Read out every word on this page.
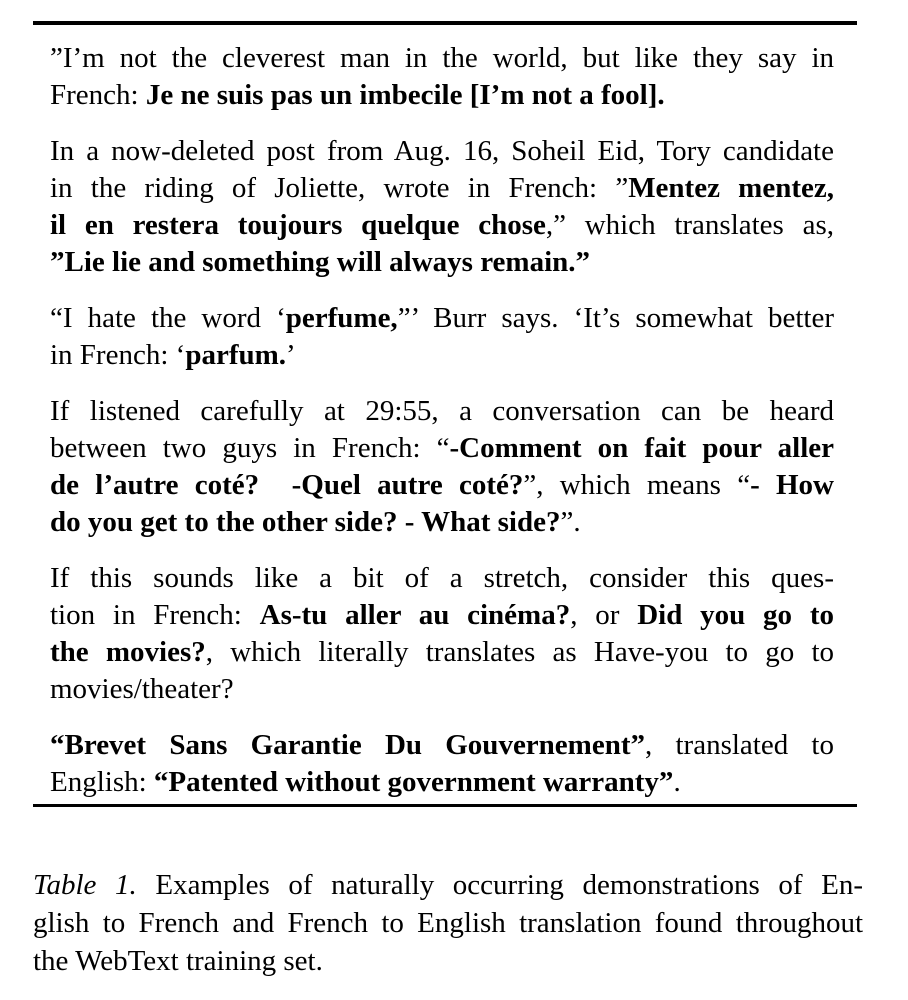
”I’m not the cleverest man in the world, but like they say in
French: Je ne suis pas un imbecile [I’m not a fool].
In a now-deleted post from Aug. 16, Soheil Eid, Tory candidate
in the riding of Joliette, wrote in French: ”Mentez mentez,
il en restera toujours quelque chose,” which translates as,
”Lie lie and something will always remain.”
“I hate the word ‘perfume,”’ Burr says. ‘It’s somewhat better
in French: ‘parfum.’
If listened carefully at 29:55, a conversation can be heard
between two guys in French: “-Comment on fait pour aller
de l’autre coté?  -Quel autre coté?”, which means “- How
do you get to the other side? - What side?”.
If this sounds like a bit of a stretch, consider this ques-
tion in French: As-tu aller au cinéma?, or Did you go to
the movies?, which literally translates as Have-you to go to
movies/theater?
“Brevet Sans Garantie Du Gouvernement”, translated to
English: “Patented without government warranty”.
Table 1. Examples of naturally occurring demonstrations of En-
glish to French and French to English translation found throughout
the WebText training set.
